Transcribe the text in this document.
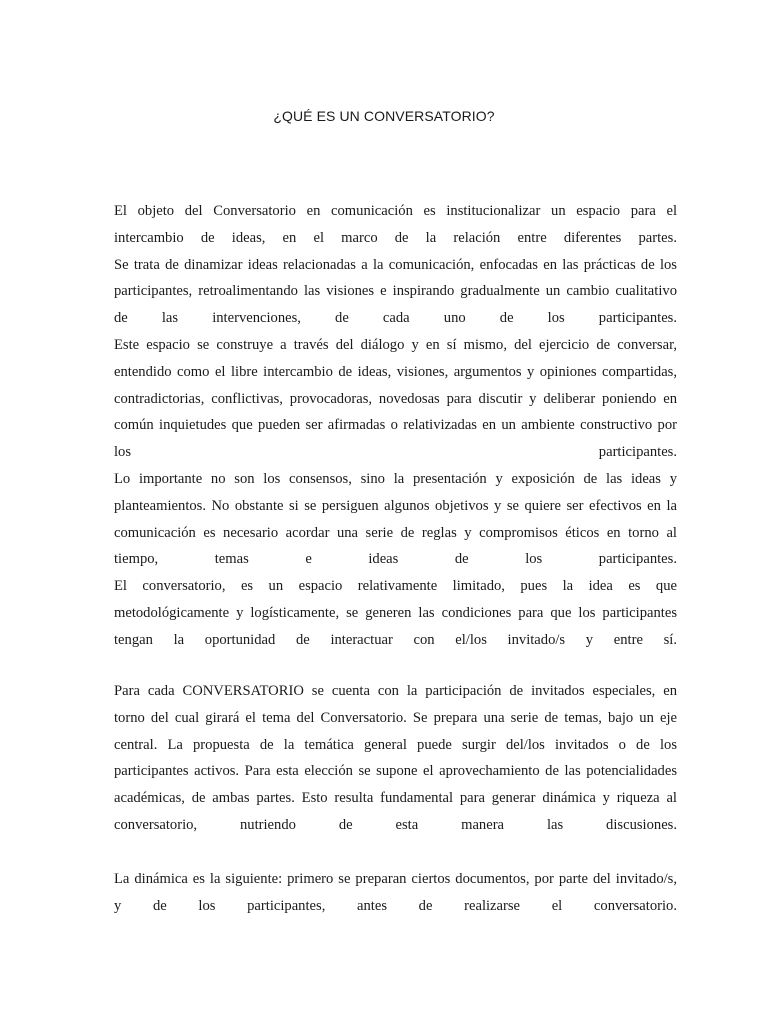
¿QUÉ ES UN CONVERSATORIO?
El objeto del Conversatorio en comunicación es institucionalizar un espacio para el
intercambio de ideas, en el marco de la relación entre diferentes partes.
Se trata de dinamizar ideas relacionadas a la comunicación, enfocadas en las prácticas de los
participantes, retroalimentando las visiones e inspirando gradualmente un cambio cualitativo
de las intervenciones, de cada uno de los participantes.
Este espacio se construye a través del diálogo y en sí mismo, del ejercicio de conversar,
entendido como el libre intercambio de ideas, visiones, argumentos y opiniones compartidas,
contradictorias, conflictivas, provocadoras, novedosas para discutir y deliberar poniendo en
común inquietudes que pueden ser afirmadas o relativizadas en un ambiente constructivo por
los participantes.
Lo importante no son los consensos, sino la presentación y exposición de las ideas y
planteamientos. No obstante si se persiguen algunos objetivos y se quiere ser efectivos en la
comunicación es necesario acordar una serie de reglas y compromisos éticos en torno al
tiempo, temas e ideas de los participantes.
El conversatorio, es un espacio relativamente limitado, pues la idea es que
metodológicamente y logísticamente, se generen las condiciones para que los participantes
tengan la oportunidad de interactuar con el/los invitado/s y entre sí.
Para cada CONVERSATORIO se cuenta con la participación de invitados especiales, en
torno del cual girará el tema del Conversatorio. Se prepara una serie de temas, bajo un eje
central. La propuesta de la temática general puede surgir del/los invitados o de los
participantes activos. Para esta elección se supone el aprovechamiento de las potencialidades
académicas, de ambas partes. Esto resulta fundamental para generar dinámica y riqueza al
conversatorio, nutriendo de esta manera las discusiones.
La dinámica es la siguiente: primero se preparan ciertos documentos, por parte del invitado/s,
y de los participantes, antes de realizarse el conversatorio.
